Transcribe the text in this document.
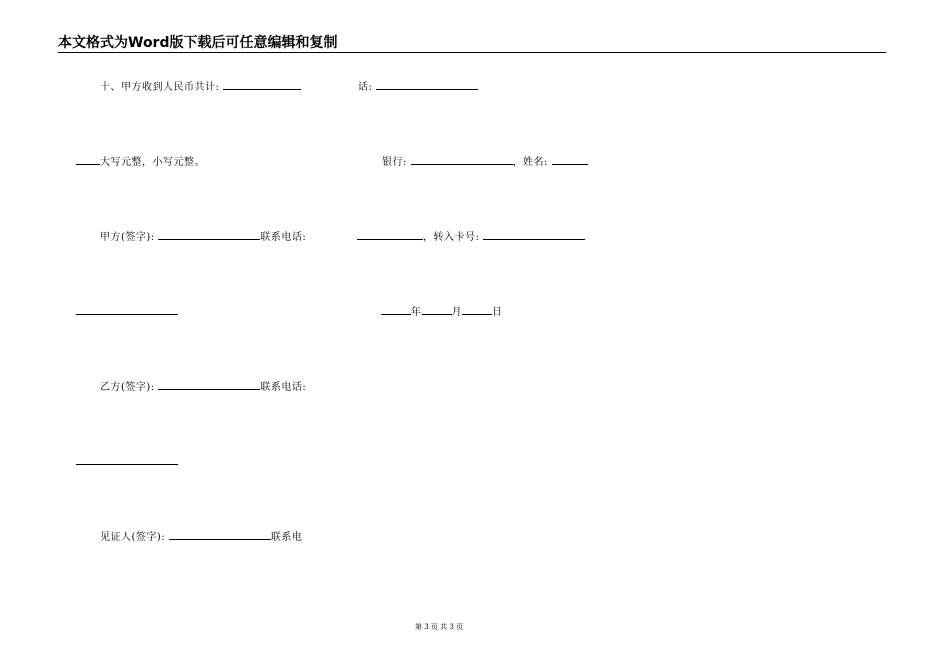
本文格式为Word版下载后可任意编辑和复制
十、甲方收到人民币共计:
大写元整，小写元整。
甲方(签字):	联系电话:
乙方(签字):	联系电话:
见证人(签字):	联系电
话:
银行:	，姓名:
，转入卡号:
年	月	日
第 3 页 共 3 页
